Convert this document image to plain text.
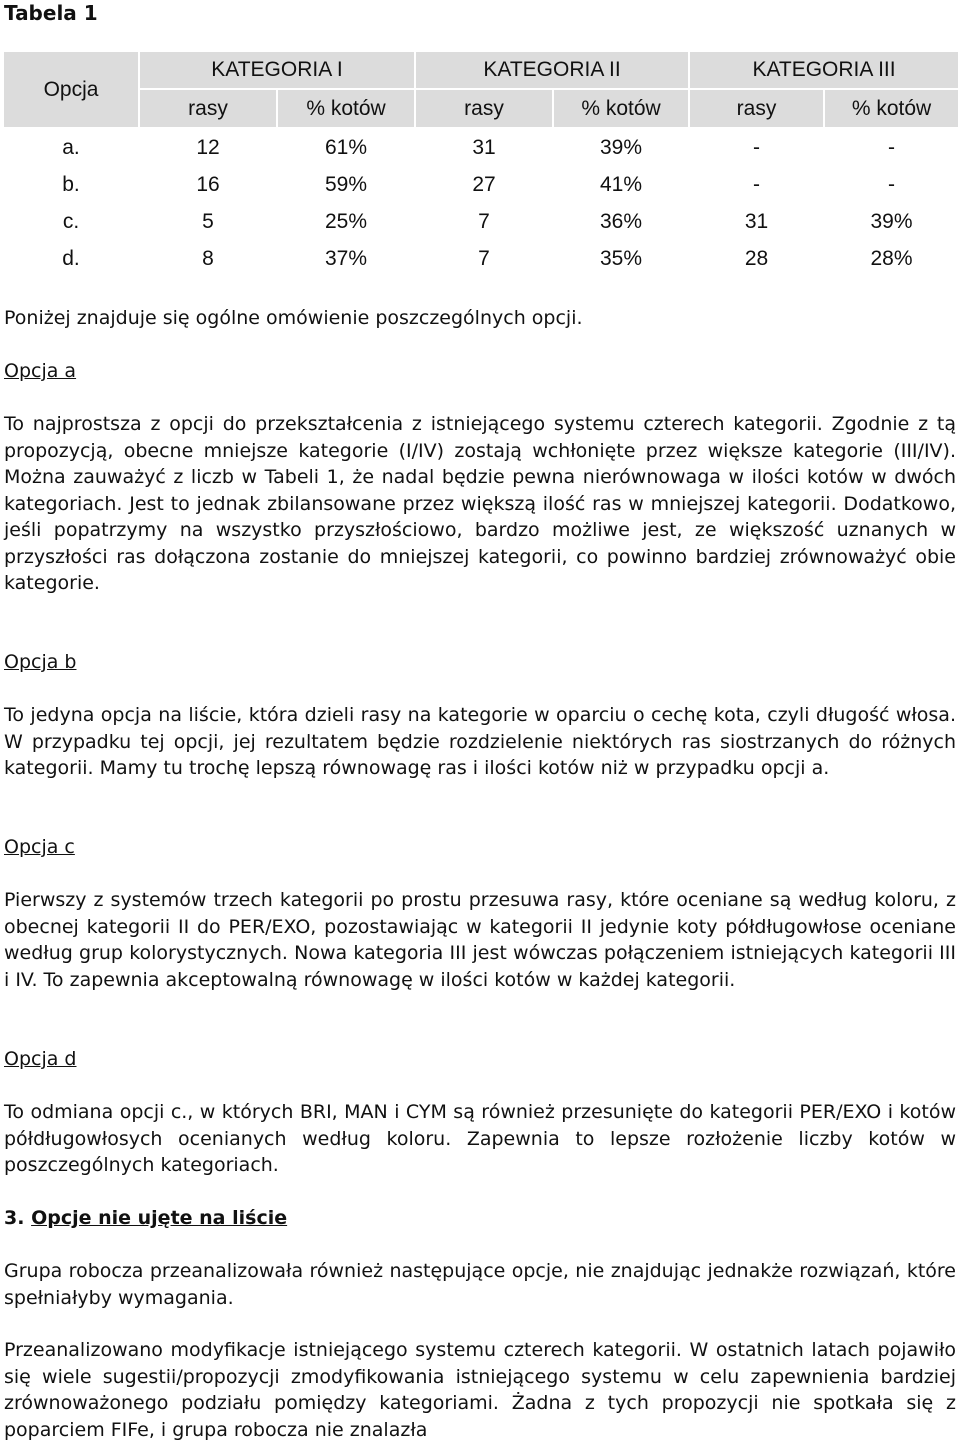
Tabela 1
Opcja	KATEGORIA I		KATEGORIA II		KATEGORIA III	
	rasy	% kotów	rasy	% kotów	rasy	% kotów
a.	12	61%	31	39%	-	-
b.	16	59%	27	41%	-	-
c.	5	25%	7	36%	31	39%
d.	8	37%	7	35%	28	28%

Poniżej znajduje się ogólne omówienie poszczególnych opcji.

Opcja a

To najprostsza z opcji do przekształcenia z istniejącego systemu czterech kategorii. Zgodnie z tą propozycją, obecne mniejsze kategorie (I/IV) zostają wchłonięte przez większe kategorie (III/IV). Można zauważyć z liczb w Tabeli 1, że nadal będzie pewna nierównowaga w ilości kotów w dwóch kategoriach. Jest to jednak zbilansowane przez większą ilość ras w mniejszej kategorii. Dodatkowo, jeśli popatrzymy na wszystko przyszłościowo, bardzo możliwe jest, ze większość uznanych w przyszłości ras dołączona zostanie do mniejszej kategorii, co powinno bardziej zrównoważyć obie kategorie.

Opcja b

To jedyna opcja na liście, która dzieli rasy na kategorie w oparciu o cechę kota, czyli długość włosa. W przypadku tej opcji, jej rezultatem będzie rozdzielenie niektórych ras siostrzanych do różnych kategorii. Mamy tu trochę lepszą równowagę ras i ilości kotów niż w przypadku opcji a.

Opcja c

Pierwszy z systemów trzech kategorii po prostu przesuwa rasy, które oceniane są według koloru, z obecnej kategorii II do PER/EXO, pozostawiając w kategorii II jedynie koty półdługowłose oceniane według grup kolorystycznych. Nowa kategoria III jest wówczas połączeniem istniejących kategorii III i IV. To zapewnia akceptowalną równowagę w ilości kotów w każdej kategorii.

Opcja d

To odmiana opcji c., w których BRI, MAN i CYM są również przesunięte do kategorii PER/EXO i kotów półdługowłosych ocenianych według koloru. Zapewnia to lepsze rozłożenie liczby kotów w poszczególnych kategoriach.

3. Opcje nie ujęte na liście

Grupa robocza przeanalizowała również następujące opcje, nie znajdując jednakże rozwiązań, które spełniałyby wymagania.

Przeanalizowano modyfikacje istniejącego systemu czterech kategorii. W ostatnich latach pojawiło się wiele sugestii/propozycji zmodyfikowania istniejącego systemu w celu zapewnienia bardziej zrównoważonego podziału pomiędzy kategoriami. Żadna z tych propozycji nie spotkała się z poparciem FIFe, i grupa robocza nie znalazła
